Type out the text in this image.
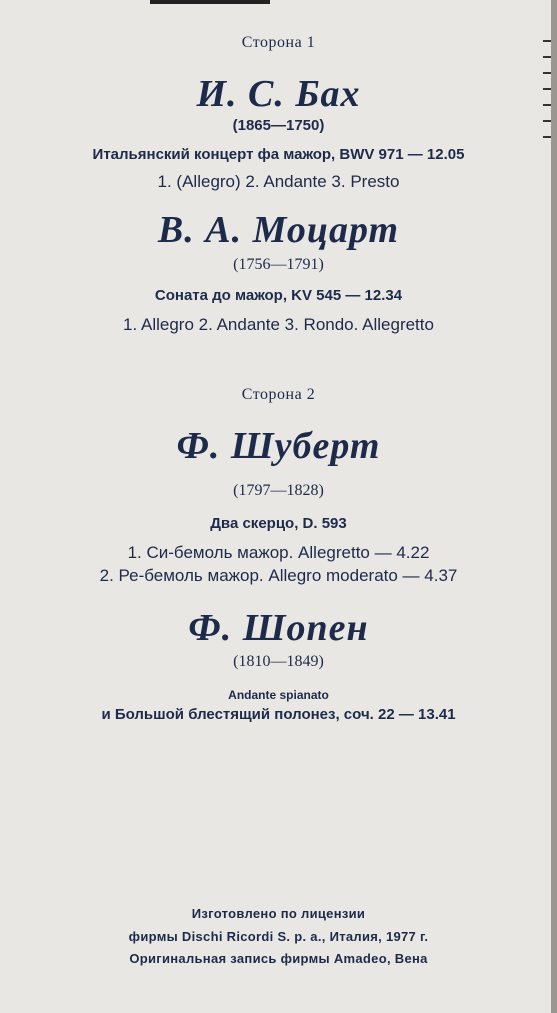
Сторона 1
И. С. Бах
(1865—1750)
Итальянский концерт фа мажор, BWV 971 — 12.05
1. (Allegro) 2. Andante 3. Presto
В. А. Моцарт
(1756—1791)
Соната до мажор, KV 545 — 12.34
1. Allegro 2. Andante 3. Rondo. Allegretto
Сторона 2
Ф. Шуберт
(1797—1828)
Два скерцо, D. 593
1. Си-бемоль мажор. Allegretto — 4.22
2. Ре-бемоль мажор. Allegro moderato — 4.37
Ф. Шопен
(1810—1849)
Andante spianato
и Большой блестящий полонез, соч. 22 — 13.41
Изготовлено по лицензии
фирмы Dischi Ricordi S. p. a., Италия, 1977 г.
Оригинальная запись фирмы Amadeo, Вена
